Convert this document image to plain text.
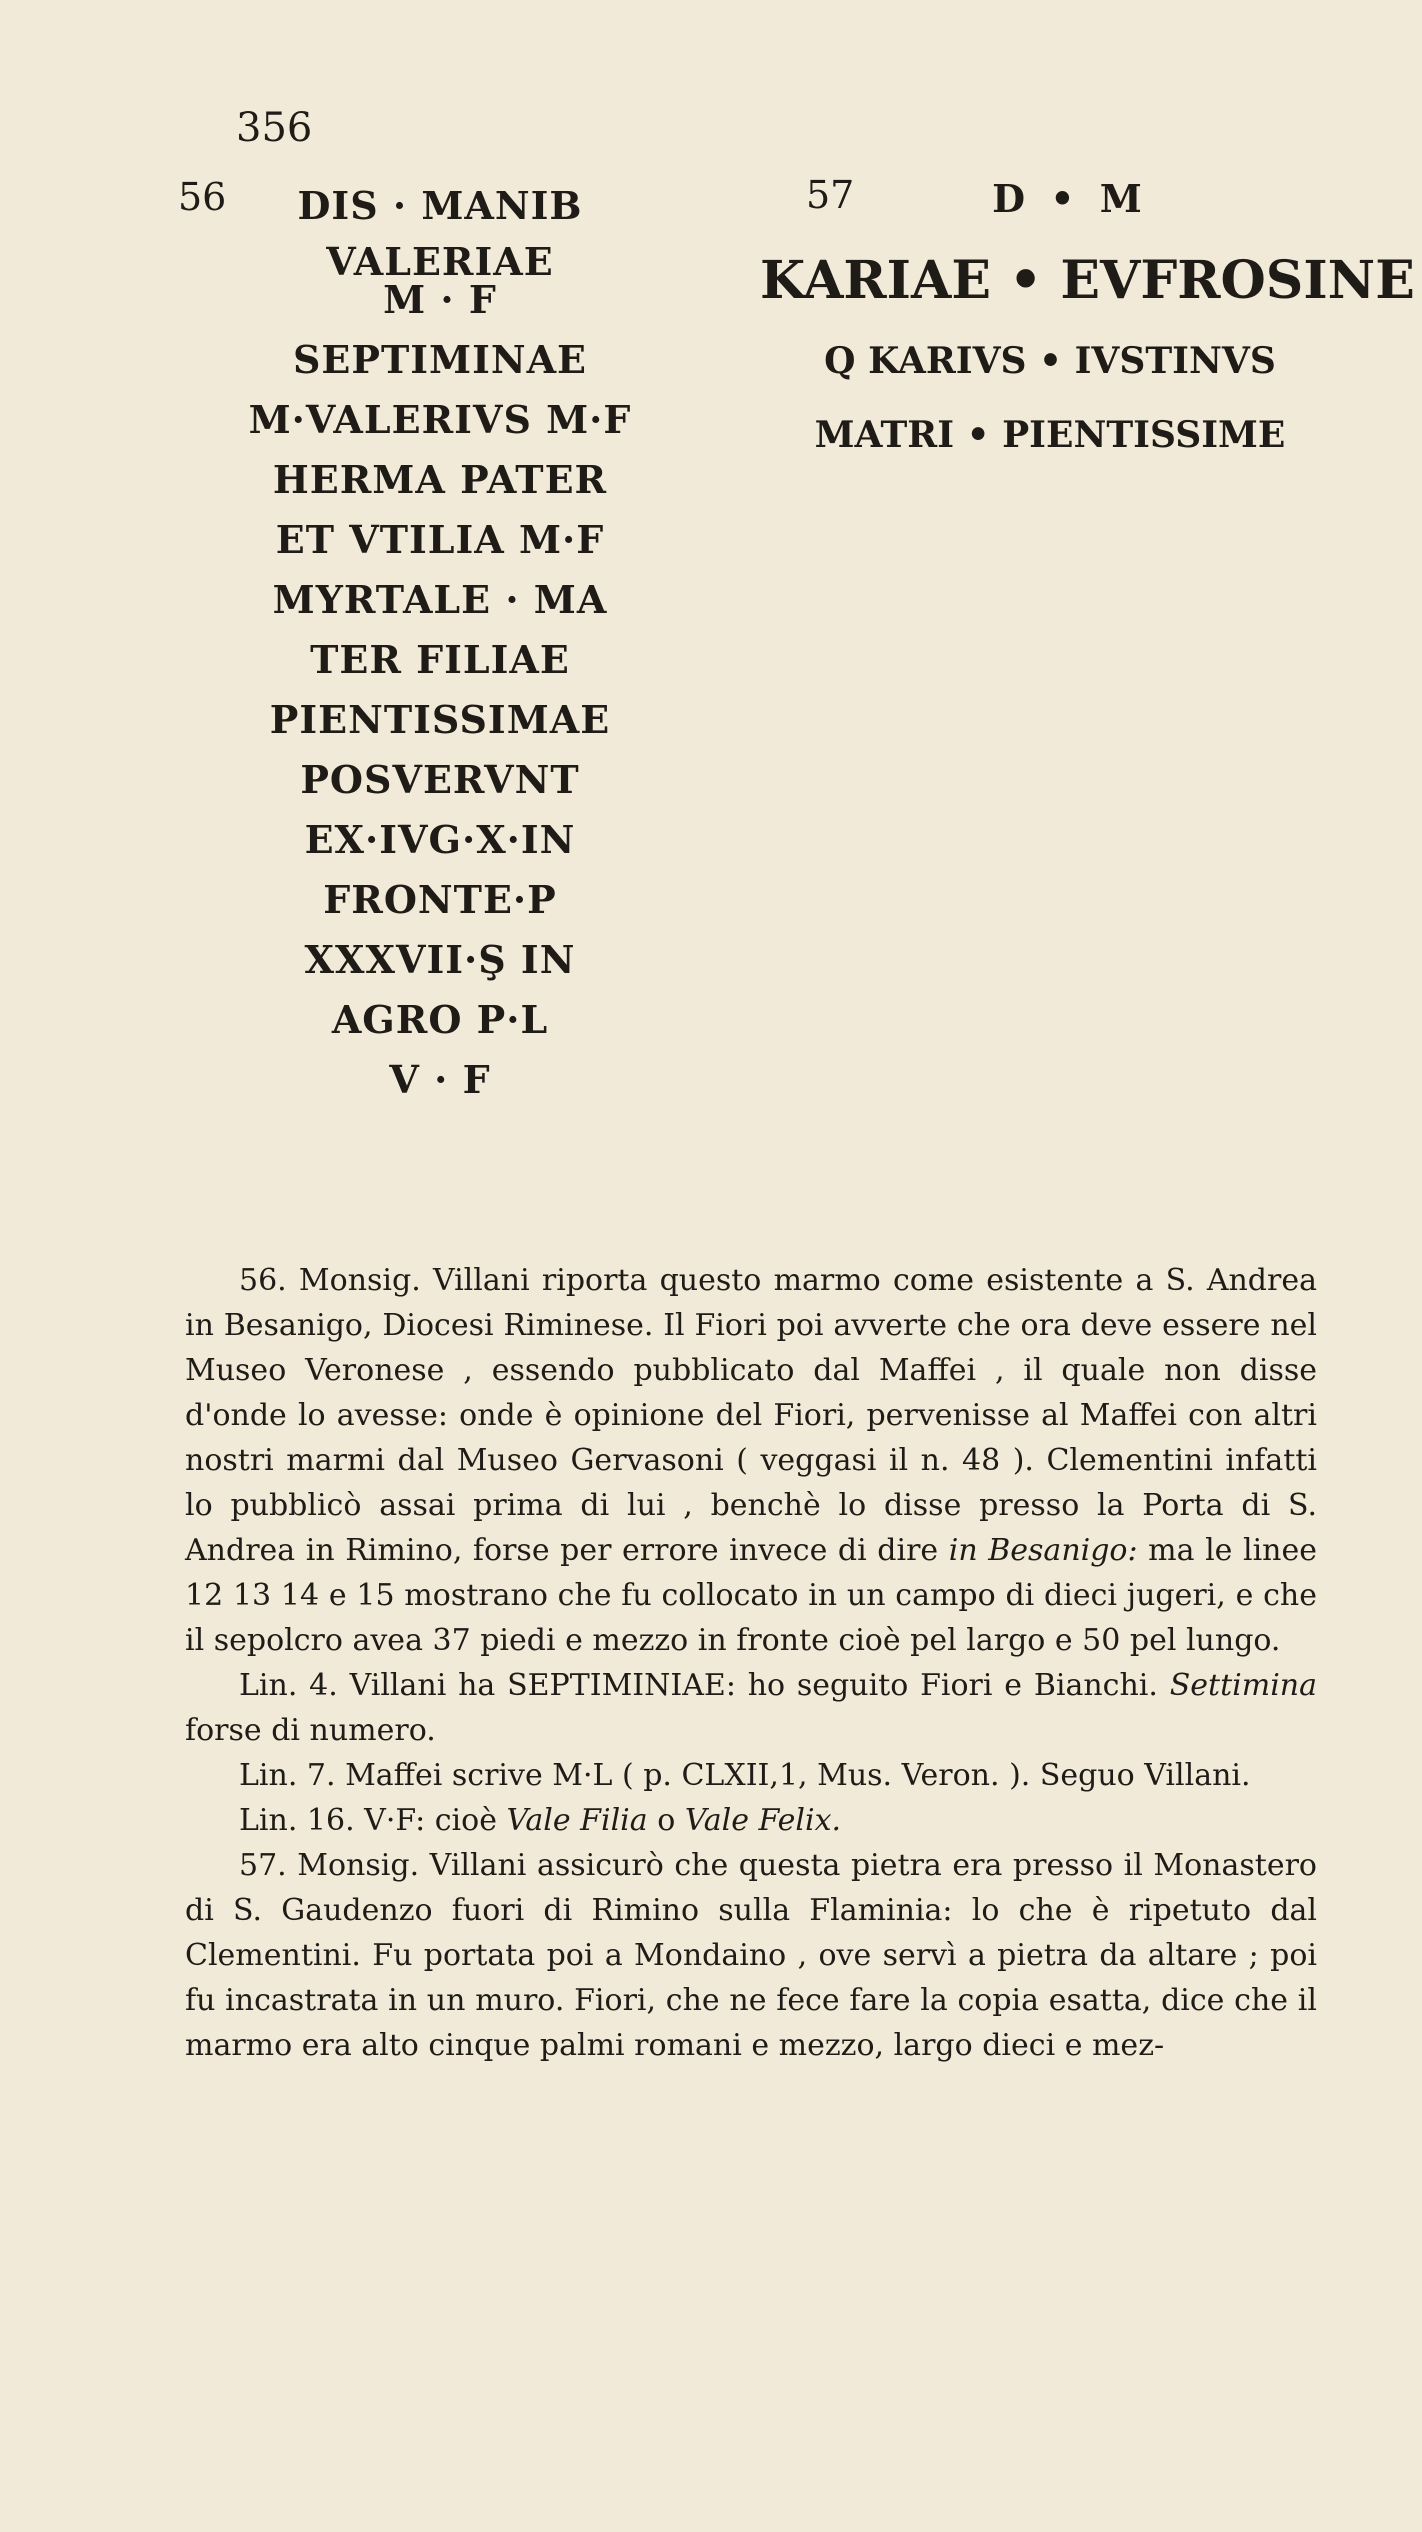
356
56	DIS · MANIB
VALERIAE
M · F
SEPTIMINAE
M·VALERIVS M·F
HERMA PATER
ET VTILIA M·F
MYRTALE · MA
TER FILIAE
PIENTISSIMAE
POSVERVNT
EX·IVG·X·IN
FRONTE·P
XXXVII·Ş IN
AGRO P·L
V · F
57	D • M
KARIAE • EVFROSINE
Q KARIVS • IVSTINVS
MATRI • PIENTISSIME

56. Monsig. Villani riporta questo marmo come esistente a S. Andrea in Besanigo, Diocesi Riminese. Il Fiori poi avverte che ora deve essere nel Museo Veronese , essendo pubblicato dal Maffei , il quale non disse d'onde lo avesse: onde è opinione del Fiori, pervenisse al Maffei con altri nostri marmi dal Museo Gervasoni ( veggasi il n. 48 ). Clementini infatti lo pubblicò assai prima di lui , benchè lo disse presso la Porta di S. Andrea in Rimino, forse per errore invece di dire in Besanigo: ma le linee 12 13 14 e 15 mostrano che fu collocato in un campo di dieci jugeri, e che il sepolcro avea 37 piedi e mezzo in fronte cioè pel largo e 50 pel lungo.

Lin. 4. Villani ha SEPTIMINIAE: ho seguito Fiori e Bianchi. Settimina forse di numero.

Lin. 7. Maffei scrive M·L ( p. CLXII,1, Mus. Veron. ). Seguo Villani.

Lin. 16. V·F: cioè Vale Filia o Vale Felix.

57. Monsig. Villani assicurò che questa pietra era presso il Monastero di S. Gaudenzo fuori di Rimino sulla Flaminia: lo che è ripetuto dal Clementini. Fu portata poi a Mondaino , ove servì a pietra da altare ; poi fu incastrata in un muro. Fiori, che ne fece fare la copia esatta, dice che il marmo era alto cinque palmi romani e mezzo, largo dieci e mez-
